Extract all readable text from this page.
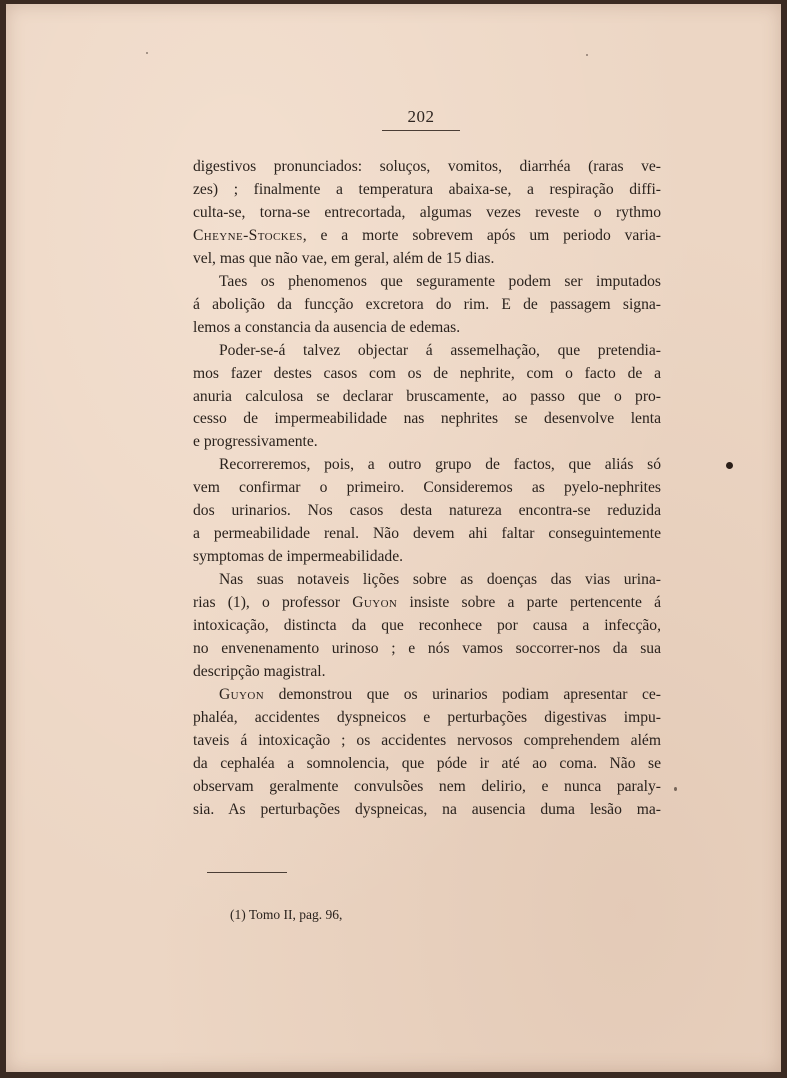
202
digestivos pronunciados: soluços, vomitos, diarrhéa (raras ve-
zes) ; finalmente a temperatura abaixa-se, a respiração diffi-
culta-se, torna-se entrecortada, algumas vezes reveste o rythmo
Cheyne-Stockes, e a morte sobrevem após um periodo varia-
vel, mas que não vae, em geral, além de 15 dias.
Taes os phenomenos que seguramente podem ser imputados
á abolição da funcção excretora do rim. E de passagem signa-
lemos a constancia da ausencia de edemas.
Poder-se-á talvez objectar á assemelhação, que pretendia-
mos fazer destes casos com os de nephrite, com o facto de a
anuria calculosa se declarar bruscamente, ao passo que o pro-
cesso de impermeabilidade nas nephrites se desenvolve lenta
e progressivamente.
Recorreremos, pois, a outro grupo de factos, que aliás só
vem confirmar o primeiro. Consideremos as pyelo-nephrites
dos urinarios. Nos casos desta natureza encontra-se reduzida
a permeabilidade renal. Não devem ahi faltar conseguintemente
symptomas de impermeabilidade.
Nas suas notaveis lições sobre as doenças das vias urina-
rias (1), o professor Guyon insiste sobre a parte pertencente á
intoxicação, distincta da que reconhece por causa a infecção,
no envenenamento urinoso ; e nós vamos soccorrer-nos da sua
descripção magistral.
Guyon demonstrou que os urinarios podiam apresentar ce-
phaléa, accidentes dyspneicos e perturbações digestivas impu-
taveis á intoxicação ; os accidentes nervosos comprehendem além
da cephaléa a somnolencia, que póde ir até ao coma. Não se
observam geralmente convulsões nem delirio, e nunca paraly-
sia. As perturbações dyspneicas, na ausencia duma lesão ma-
(1) Tomo II, pag. 96,
